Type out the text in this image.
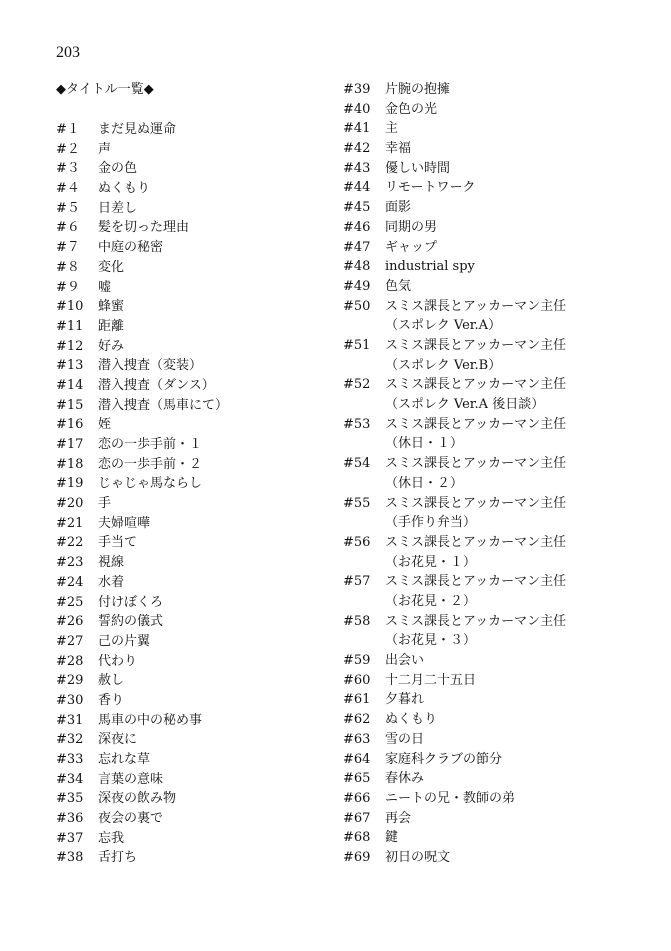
203
◆タイトル一覧◆
#１	まだ見ぬ運命
#２	声
#３	金の色
#４	ぬくもり
#５	日差し
#６	髪を切った理由
#７	中庭の秘密
#８	変化
#９	嘘
#10	蜂蜜
#11	距離
#12	好み
#13	潜入捜査（変装）
#14	潜入捜査（ダンス）
#15	潜入捜査（馬車にて）
#16	姪
#17	恋の一歩手前・１
#18	恋の一歩手前・２
#19	じゃじゃ馬ならし
#20	手
#21	夫婦喧嘩
#22	手当て
#23	視線
#24	水着
#25	付けぼくろ
#26	誓約の儀式
#27	己の片翼
#28	代わり
#29	赦し
#30	香り
#31	馬車の中の秘め事
#32	深夜に
#33	忘れな草
#34	言葉の意味
#35	深夜の飲み物
#36	夜会の裏で
#37	忘我
#38	舌打ち
#39	片腕の抱擁
#40	金色の光
#41	主
#42	幸福
#43	優しい時間
#44	リモートワーク
#45	面影
#46	同期の男
#47	ギャップ
#48	industrial spy
#49	色気
#50	スミス課長とアッカーマン主任
（スポレク Ver.A）
#51	スミス課長とアッカーマン主任
（スポレク Ver.B）
#52	スミス課長とアッカーマン主任
（スポレク Ver.A 後日談）
#53	スミス課長とアッカーマン主任
（休日・１）
#54	スミス課長とアッカーマン主任
（休日・２）
#55	スミス課長とアッカーマン主任
（手作り弁当）
#56	スミス課長とアッカーマン主任
（お花見・１）
#57	スミス課長とアッカーマン主任
（お花見・２）
#58	スミス課長とアッカーマン主任
（お花見・３）
#59	出会い
#60	十二月二十五日
#61	夕暮れ
#62	ぬくもり
#63	雪の日
#64	家庭科クラブの節分
#65	春休み
#66	ニートの兄・教師の弟
#67	再会
#68	鍵
#69	初日の呪文
